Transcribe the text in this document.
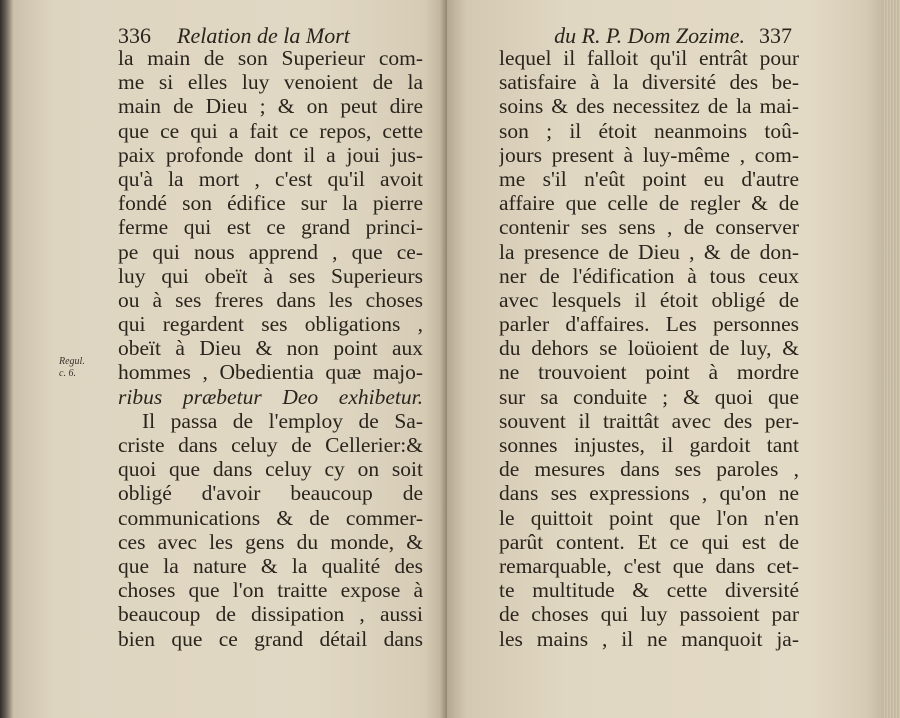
336 Relation de la Mort
Regul.
c. 6.
la main de son Superieur com-
me si elles luy venoient de la
main de Dieu ; & on peut dire
que ce qui a fait ce repos, cette
paix profonde dont il a joui jus-
qu'à la mort , c'est qu'il avoit
fondé son édifice sur la pierre
ferme qui est ce grand princi-
pe qui nous apprend , que ce-
luy qui obeït à ses Superieurs
ou à ses freres dans les choses
qui regardent ses obligations ,
obeït à Dieu & non point aux
hommes , Obedientia quæ majo-
ribus præbetur Deo exhibetur.
Il passa de l'employ de Sa-
criste dans celuy de Cellerier:&
quoi que dans celuy cy on soit
obligé d'avoir beaucoup de
communications & de commer-
ces avec les gens du monde, &
que la nature & la qualité des
choses que l'on traitte expose à
beaucoup de dissipation , aussi
bien que ce grand détail dans
du R. P. Dom Zozime. 337
lequel il falloit qu'il entrât pour
satisfaire à la diversité des be-
soins & des necessitez de la mai-
son ; il étoit neanmoins toû-
jours present à luy-même , com-
me s'il n'eût point eu d'autre
affaire que celle de regler & de
contenir ses sens , de conserver
la presence de Dieu , & de don-
ner de l'édification à tous ceux
avec lesquels il étoit obligé de
parler d'affaires. Les personnes
du dehors se loüoient de luy, &
ne trouvoient point à mordre
sur sa conduite ; & quoi que
souvent il traittât avec des per-
sonnes injustes, il gardoit tant
de mesures dans ses paroles ,
dans ses expressions , qu'on ne
le quittoit point que l'on n'en
parût content. Et ce qui est de
remarquable, c'est que dans cet-
te multitude & cette diversité
de choses qui luy passoient par
les mains , il ne manquoit ja-
